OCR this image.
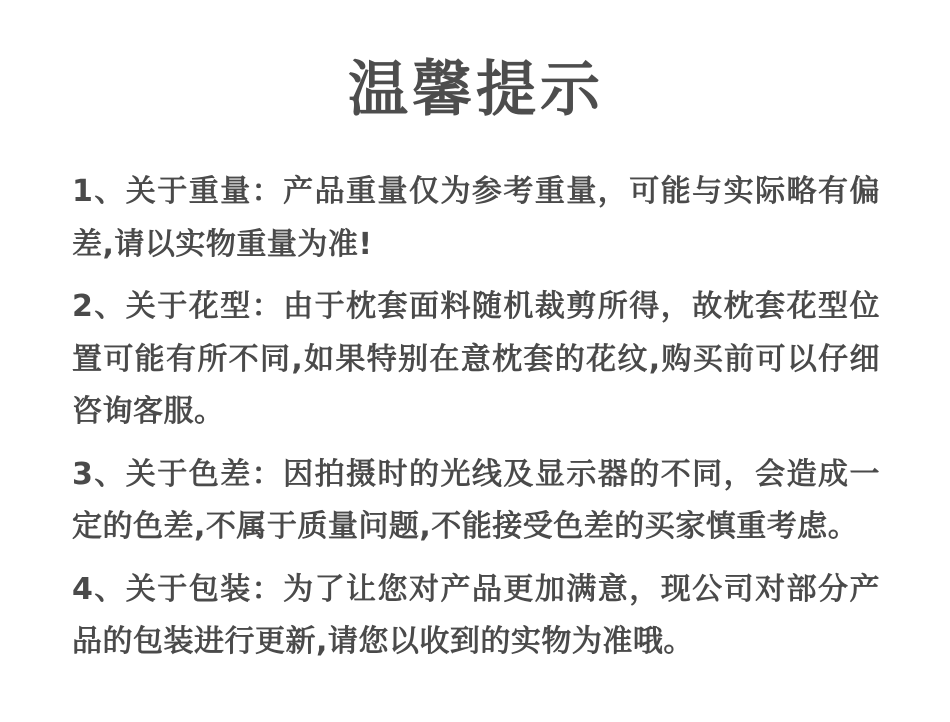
温馨提示

1、关于重量：产品重量仅为参考重量，可能与实际略有偏差,请以实物重量为准!

2、关于花型：由于枕套面料随机裁剪所得，故枕套花型位置可能有所不同,如果特别在意枕套的花纹,购买前可以仔细咨询客服。

3、关于色差：因拍摄时的光线及显示器的不同，会造成一定的色差,不属于质量问题,不能接受色差的买家慎重考虑。

4、关于包装：为了让您对产品更加满意，现公司对部分产品的包装进行更新,请您以收到的实物为准哦。
